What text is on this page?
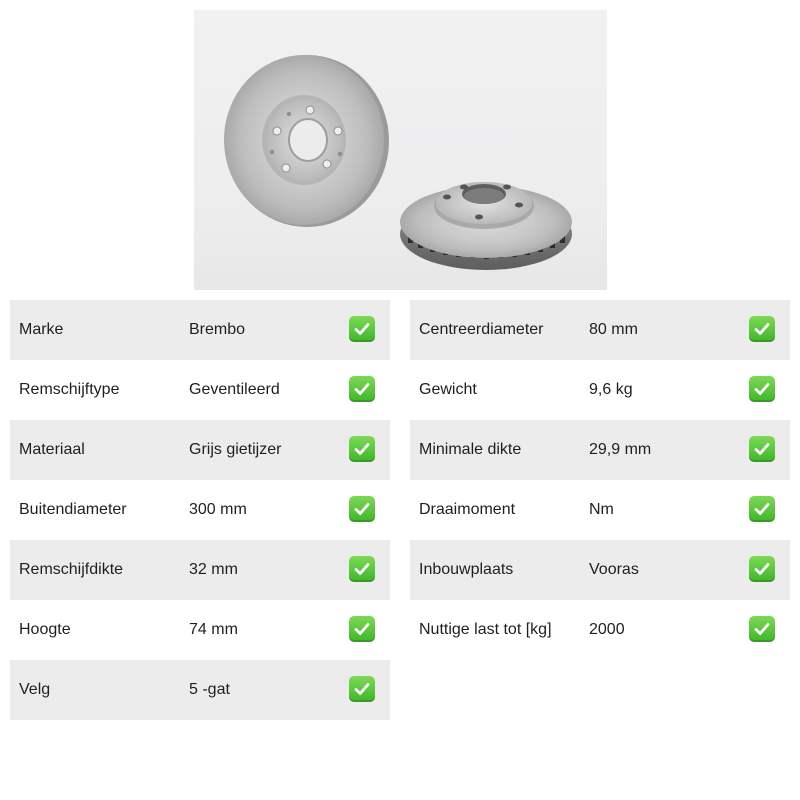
Marke	Brembo
Remschijftype	Geventileerd
Materiaal	Grijs gietijzer
Buitendiameter	300 mm
Remschijfdikte	32 mm
Hoogte	74 mm
Velg	5 -gat
Centreerdiameter	80 mm
Gewicht	9,6 kg
Minimale dikte	29,9 mm
Draaimoment	Nm
Inbouwplaats	Vooras
Nuttige last tot [kg] 2000
